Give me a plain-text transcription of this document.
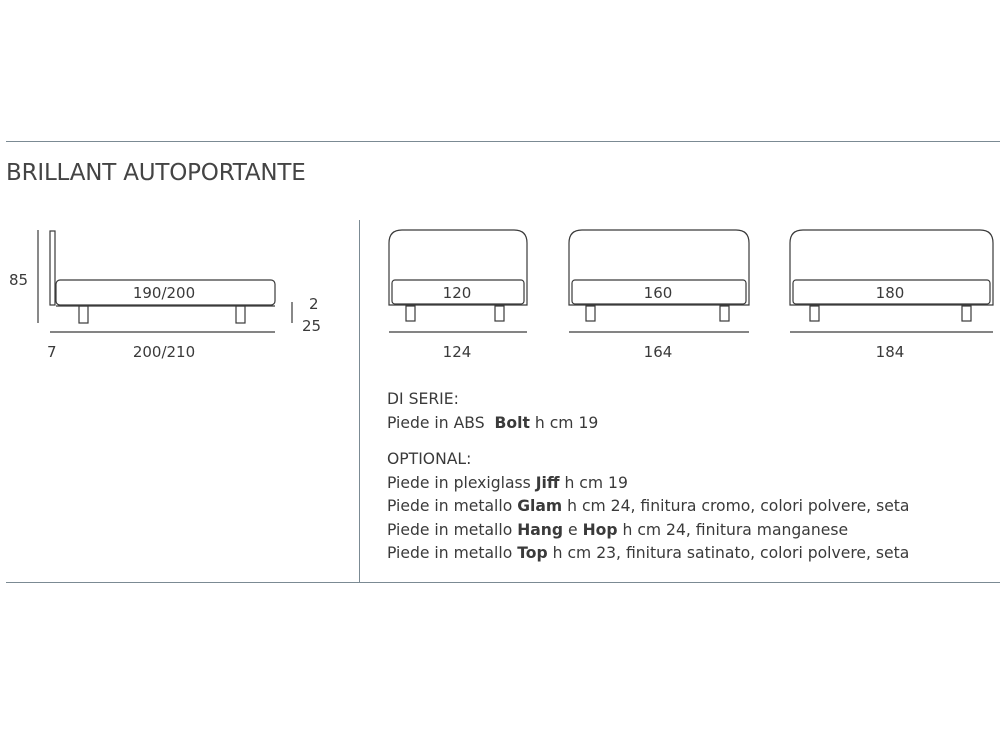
BRILLANT AUTOPORTANTE
85
190/200
7	200/210
2
25
120
124
160
164
180
184

DI SERIE:

Piede in ABS  Bolt h cm 19

OPTIONAL:

Piede in plexiglass Jiff h cm 19

Piede in metallo Glam h cm 24, finitura cromo, colori polvere, seta

Piede in metallo Hang e Hop h cm 24, finitura manganese

Piede in metallo Top h cm 23, finitura satinato, colori polvere, seta
